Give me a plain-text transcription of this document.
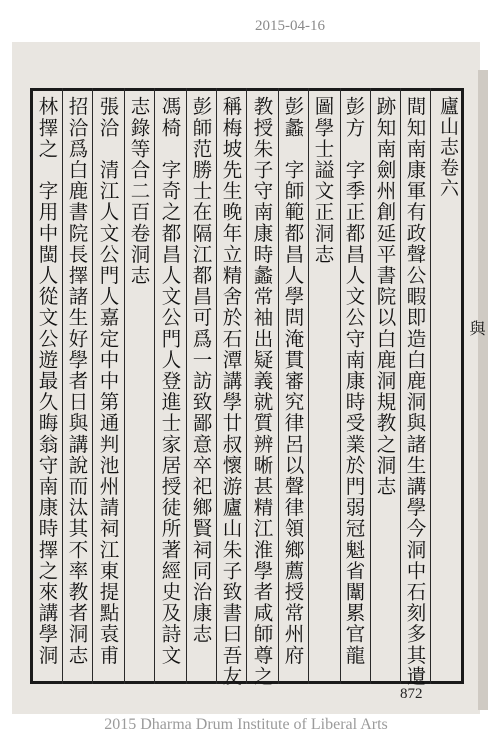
2015-04-16
廬山志卷六
與
間知南康軍有政聲公暇即造白鹿洞與諸生講學今洞中石刻多其遺
跡知南劍州創延平書院以白鹿洞規教之洞志
彭方　字季正都昌人文公守南康時受業於門弱冠魁省闈累官龍
圖學士謚文正洞志
彭蠡　字師範都昌人學問淹貫審究律呂以聲律領鄉薦授常州府
教授朱子守南康時蠡常袖出疑義就質辨晰甚精江淮學者咸師尊之
稱梅坡先生晚年立精舍於石潭講學廿叔懷游廬山朱子致書曰吾友
彭師范勝士在隔江都昌可爲一訪致鄙意卒祀鄉賢祠同治康志
馮椅　字奇之都昌人文公門人登進士家居授徒所著經史及詩文
志錄等合二百卷洞志
張洽　清江人文公門人嘉定中中第通判池州請祠江東提點袁甫
招洽爲白鹿書院長擇諸生好學者日與講說而汰其不率教者洞志
林擇之　字用中閩人從文公遊最久晦翁守南康時擇之來講學洞
872
2015 Dharma Drum Institute of Liberal Arts
